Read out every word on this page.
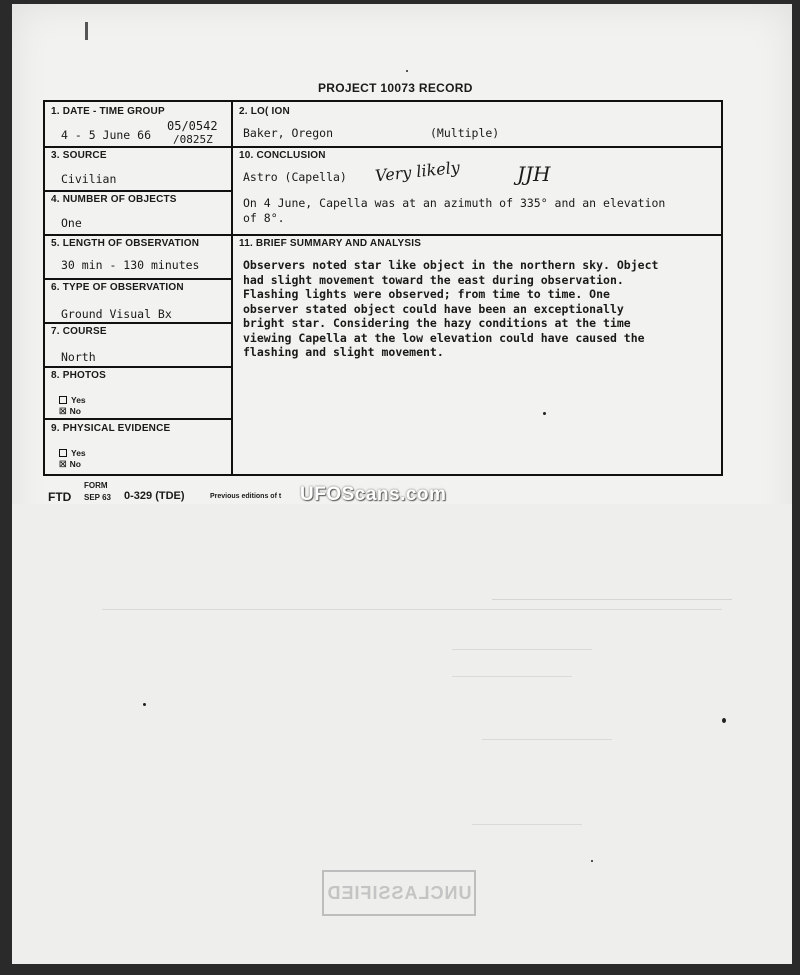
PROJECT 10073 RECORD
1. DATE - TIME GROUP
4 - 5 June 66
05/0542
/0825Z
2. LO( ION
Baker, Oregon	(Multiple)
3. SOURCE
Civilian
10. CONCLUSION
Astro (Capella) Very likely	JJH
On 4 June, Capella was at an azimuth of 335° and an elevation
of 8°.
4. NUMBER OF OBJECTS
One
5. LENGTH OF OBSERVATION
30 min - 130 minutes
11. BRIEF SUMMARY AND ANALYSIS
Observers noted star like object in the northern sky. Object
had slight movement toward the east during observation.
Flashing lights were observed; from time to time. One
observer stated object could have been an exceptionally
bright star. Considering the hazy conditions at the time
viewing Capella at the low elevation could have caused the
flashing and slight movement.
6. TYPE OF OBSERVATION
Ground Visual Bx
7. COURSE
North
8. PHOTOS
Yes
☒ No
9. PHYSICAL EVIDENCE
Yes
☒ No
FORM
FTD SEP 63 0-329 (TDE)	Previous editions of t UFOScans.com
UNCLASSIFIED
